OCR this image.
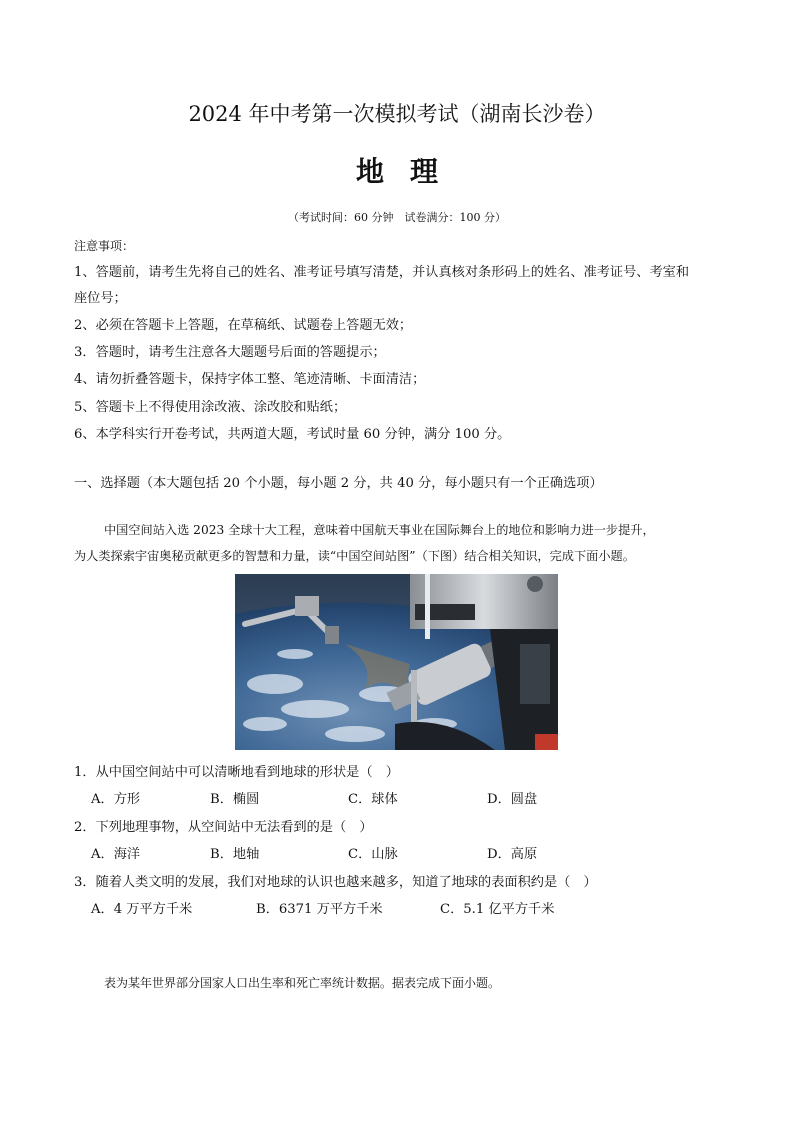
2024 年中考第一次模拟考试（湖南长沙卷）
地理
（考试时间：60 分钟　试卷满分：100 分）
注意事项：
1、答题前，请考生先将自己的姓名、准考证号填写清楚，并认真核对条形码上的姓名、准考证号、考室和
座位号；
2、必须在答题卡上答题，在草稿纸、试题卷上答题无效；
3．答题时，请考生注意各大题题号后面的答题提示；
4、请勿折叠答题卡，保持字体工整、笔迹清晰、卡面清洁；
5、答题卡上不得使用涂改液、涂改胶和贴纸；
6、本学科实行开卷考试，共两道大题，考试时量 60 分钟，满分 100 分。
一、选择题（本大题包括 20 个小题，每小题 2 分，共 40 分，每小题只有一个正确选项）
中国空间站入选 2023 全球十大工程，意味着中国航天事业在国际舞台上的地位和影响力进一步提升，
为人类探索宇宙奥秘贡献更多的智慧和力量，读“中国空间站图”（下图）结合相关知识，完成下面小题。
1．从中国空间站中可以清晰地看到地球的形状是（　）
A．方形	B．椭圆	C．球体	D．圆盘
2．下列地理事物，从空间站中无法看到的是（　）
A．海洋	B．地轴	C．山脉	D．高原
3．随着人类文明的发展，我们对地球的认识也越来越多，知道了地球的表面积约是（　）
A．4 万平方千米	B．6371 万平方千米	C．5.1 亿平方千米
表为某年世界部分国家人口出生率和死亡率统计数据。据表完成下面小题。
